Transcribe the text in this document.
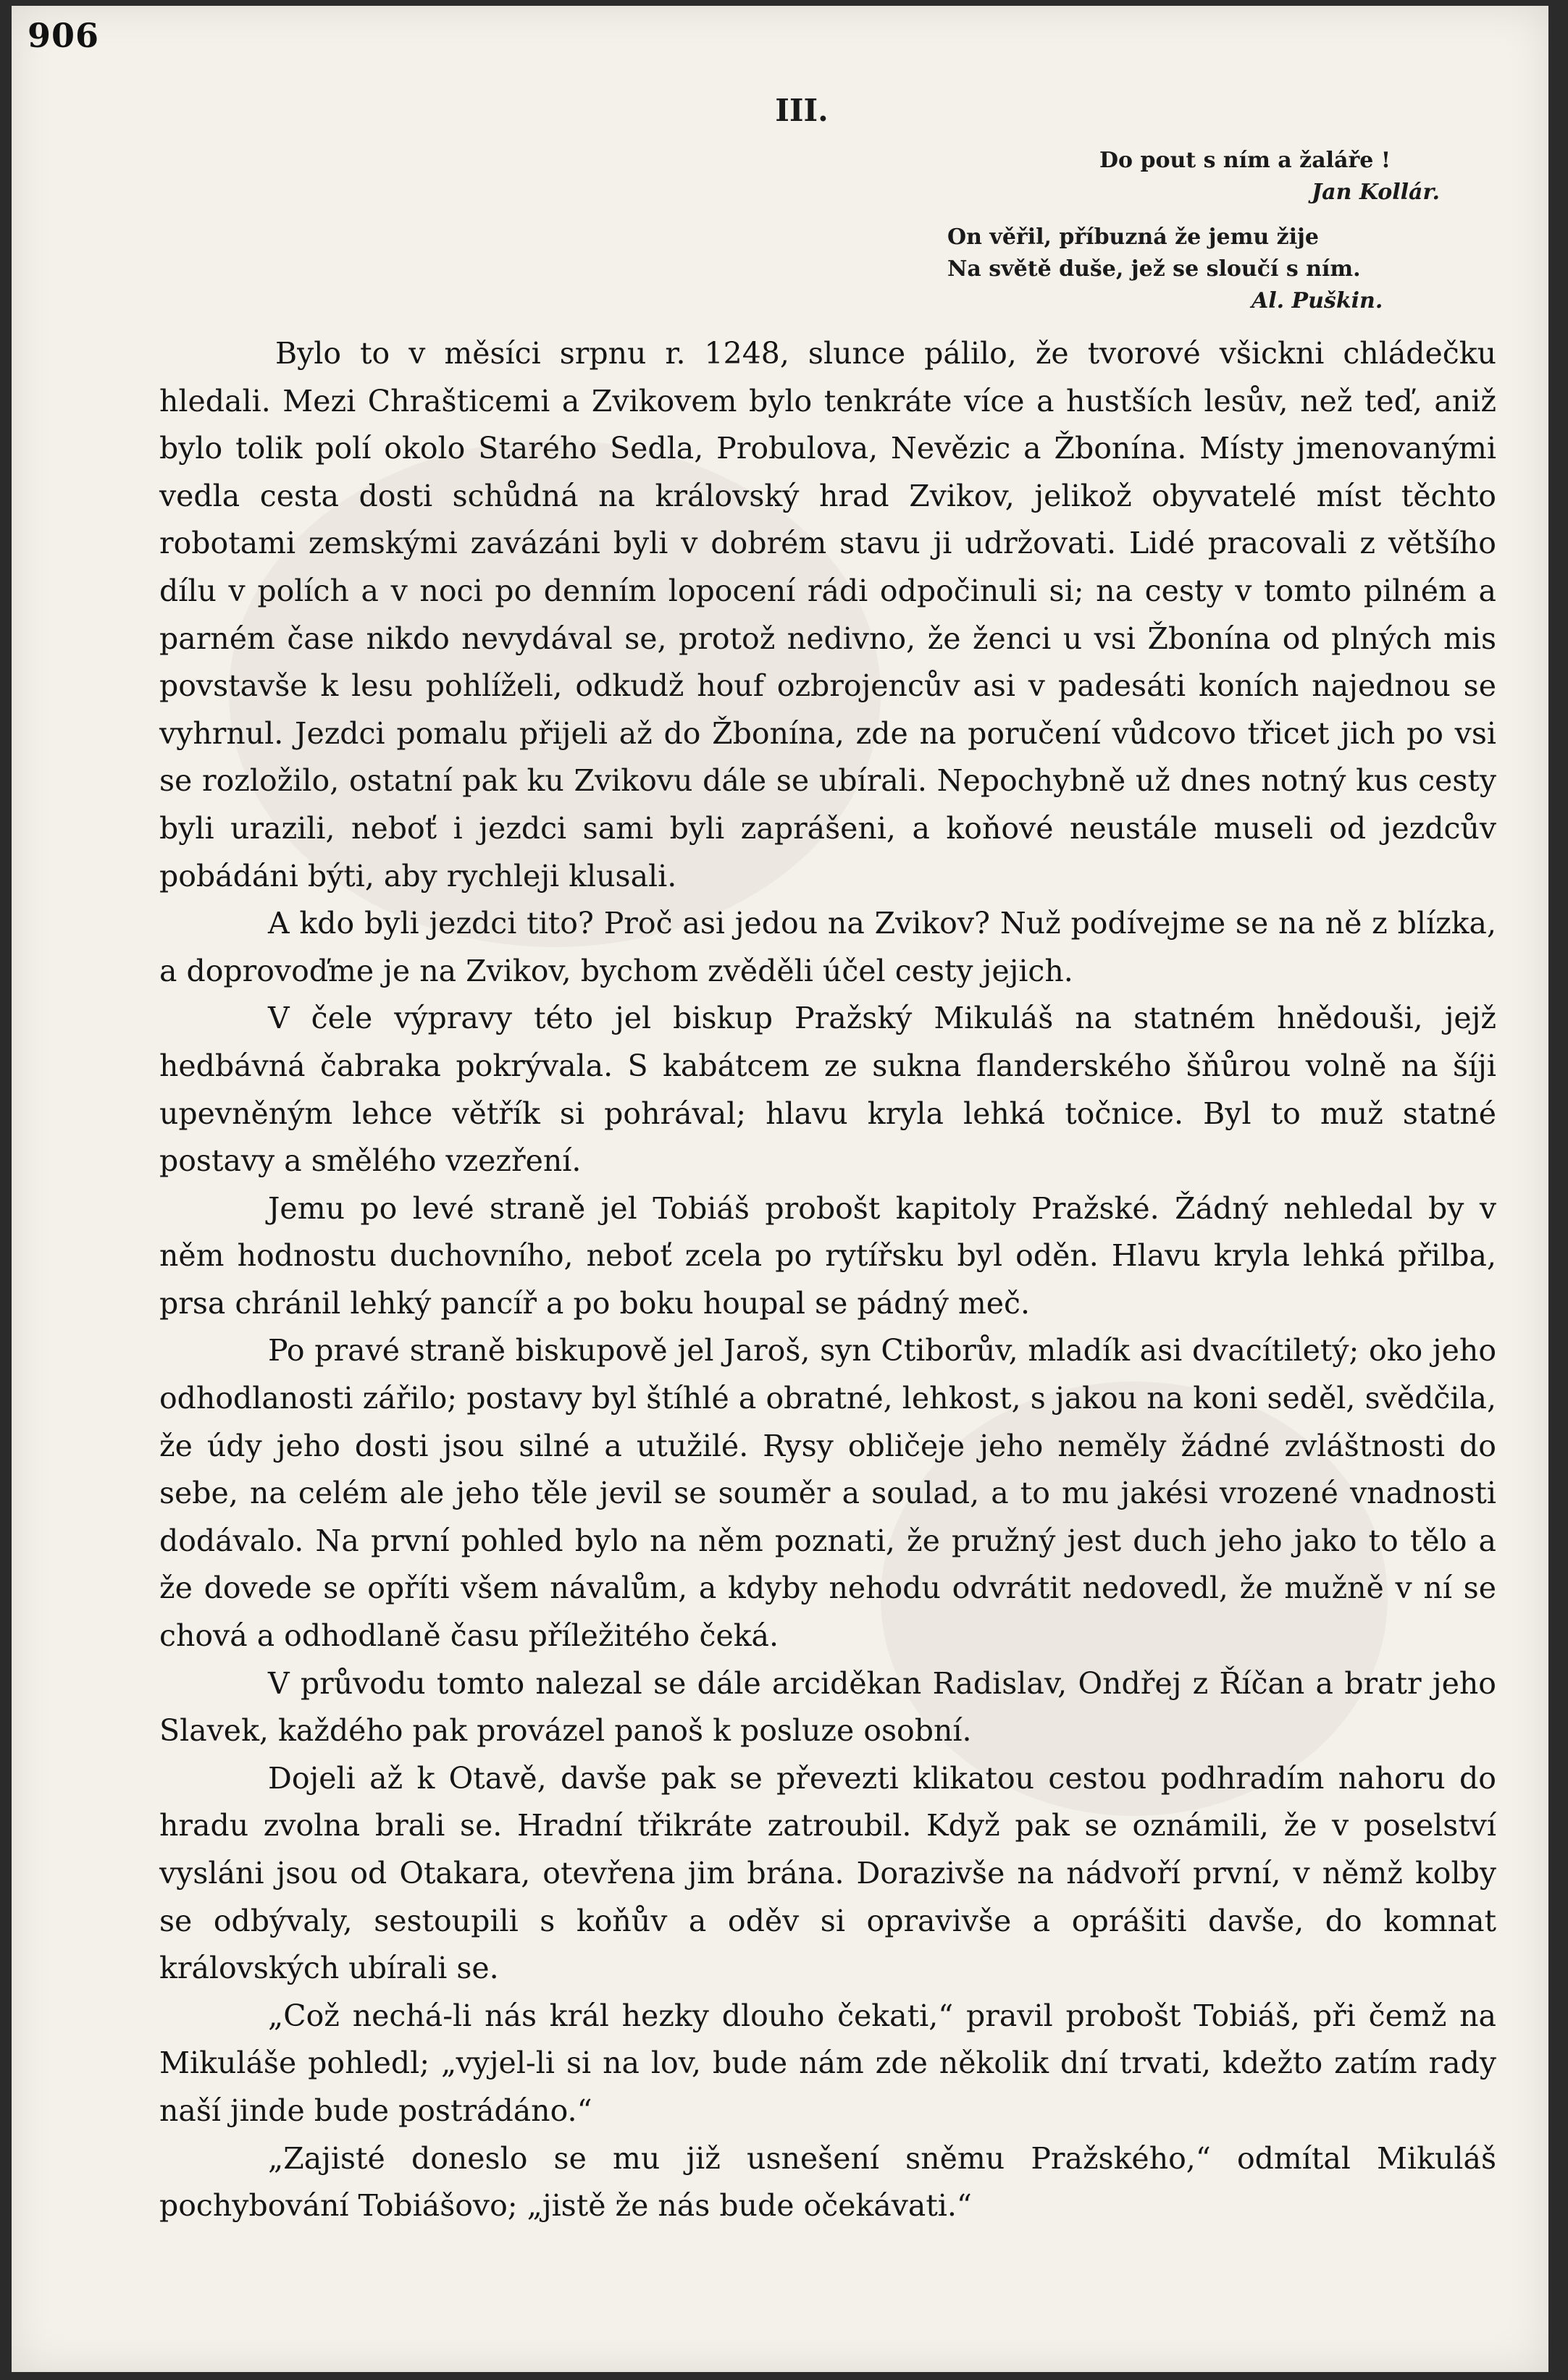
906
III.
Do pout s ním a žaláře !
Jan Kollár.
On věřil, příbuzná že jemu žije
Na světě duše, jež se sloučí s ním.
Al. Puškin.

Bylo to v měsíci srpnu r. 1248, slunce pálilo, že tvorové všickni chládečku hledali. Mezi Chrašticemi a Zvikovem bylo tenkráte více a hustších lesův, než teď, aniž bylo tolik polí okolo Starého Sedla, Probulova, Nevězic a Žbonína. Místy jmenovanými vedla cesta dosti schůdná na královský hrad Zvikov, jelikož obyvatelé míst těchto robotami zemskými zavázáni byli v dobrém stavu ji udržovati. Lidé pracovali z většího dílu v polích a v noci po denním lopocení rádi odpočinuli si; na cesty v tomto pilném a parném čase nikdo nevydával se, protož nedivno, že ženci u vsi Žbonína od plných mis povstavše k lesu pohlíželi, odkudž houf ozbrojencův asi v padesáti koních najednou se vyhrnul. Jezdci pomalu přijeli až do Žbonína, zde na poručení vůdcovo třicet jich po vsi se rozložilo, ostatní pak ku Zvikovu dále se ubírali. Nepochybně už dnes notný kus cesty byli urazili, neboť i jezdci sami byli zaprášeni, a koňové neustále museli od jezdcův pobádáni býti, aby rychleji klusali.

A kdo byli jezdci tito? Proč asi jedou na Zvikov? Nuž podívejme se na ně z blízka, a doprovoďme je na Zvikov, bychom zvěděli účel cesty jejich.

V čele výpravy této jel biskup Pražský Mikuláš na statném hnědouši, jejž hedbávná čabraka pokrývala. S kabátcem ze sukna flanderského šňůrou volně na šíji upevněným lehce větřík si pohrával; hlavu kryla lehká točnice. Byl to muž statné postavy a smělého vzezření.

Jemu po levé straně jel Tobiáš probošt kapitoly Pražské. Žádný nehledal by v něm hodnostu duchovního, neboť zcela po rytířsku byl oděn. Hlavu kryla lehká přilba, prsa chránil lehký pancíř a po boku houpal se pádný meč.

Po pravé straně biskupově jel Jaroš, syn Ctiborův, mladík asi dvacítiletý; oko jeho odhodlanosti zářilo; postavy byl štíhlé a obratné, lehkost, s jakou na koni seděl, svědčila, že údy jeho dosti jsou silné a utužilé. Rysy obličeje jeho neměly žádné zvláštnosti do sebe, na celém ale jeho těle jevil se souměr a soulad, a to mu jakési vrozené vnadnosti dodávalo. Na první pohled bylo na něm poznati, že pružný jest duch jeho jako to tělo a že dovede se opříti všem návalům, a kdyby nehodu odvrátit nedovedl, že mužně v ní se chová a odhodlaně času příležitého čeká.

V průvodu tomto nalezal se dále arciděkan Radislav, Ondřej z Říčan a bratr jeho Slavek, každého pak provázel panoš k posluze osobní.

Dojeli až k Otavě, davše pak se převezti klikatou cestou podhradím nahoru do hradu zvolna brali se. Hradní třikráte zatroubil. Když pak se oznámili, že v poselství vysláni jsou od Otakara, otevřena jim brána. Dorazivše na nádvoří první, v němž kolby se odbývaly, sestoupili s koňův a oděv si opravivše a oprášiti davše, do komnat královských ubírali se.

„Což nechá-li nás král hezky dlouho čekati,“ pravil probošt Tobiáš, při čemž na Mikuláše pohledl; „vyjel-li si na lov, bude nám zde několik dní trvati, kdežto zatím rady naší jinde bude postrádáno.“

„Zajisté doneslo se mu již usnešení sněmu Pražského,“ odmítal Mikuláš pochybování Tobiášovo; „jistě že nás bude očekávati.“
